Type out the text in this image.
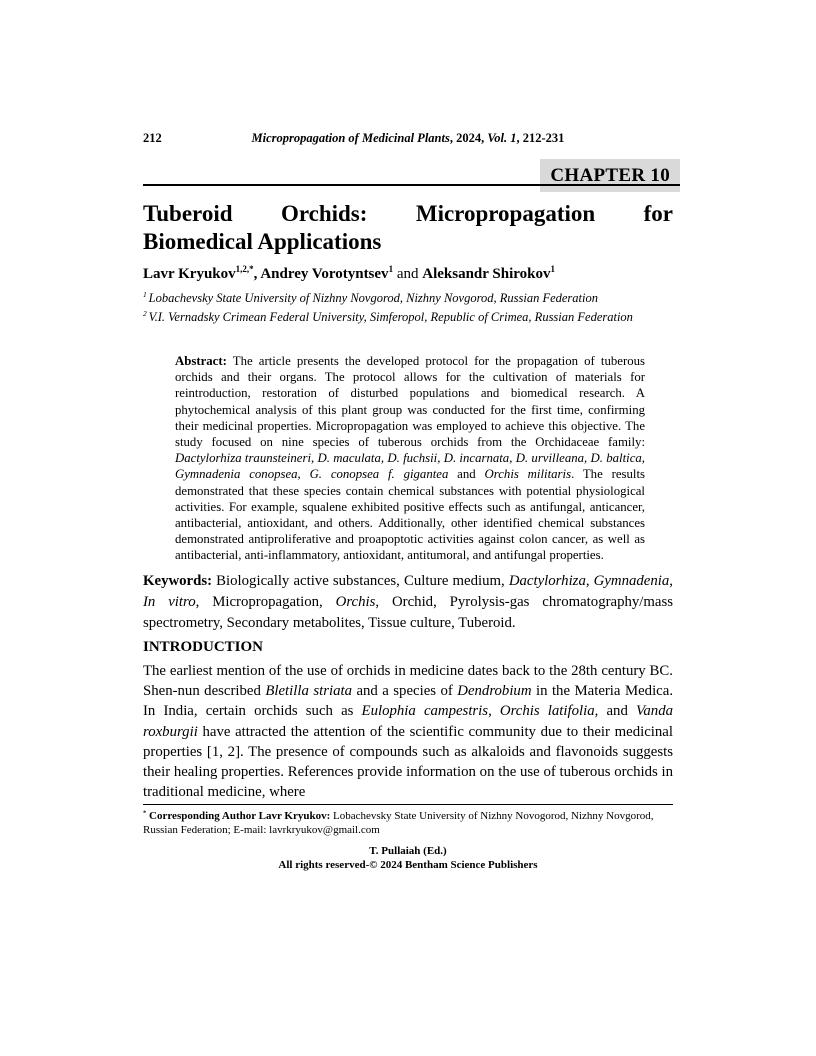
212	Micropropagation of Medicinal Plants, 2024, Vol. 1, 212-231
CHAPTER 10
Tuberoid Orchids: Micropropagation for
Biomedical Applications
Lavr Kryukov$^{1,2,*}$, Andrey Vorotyntsev$^1$ and Aleksandr Shirokov$^1$
$^1$ Lobachevsky State University of Nizhny Novgorod, Nizhny Novgorod, Russian Federation
$^2$ V.I. Vernadsky Crimean Federal University, Simferopol, Republic of Crimea, Russian Federation
Abstract: The article presents the developed protocol for the propagation of tuberous orchids and their organs. The protocol allows for the cultivation of materials for reintroduction, restoration of disturbed populations and biomedical research. A phytochemical analysis of this plant group was conducted for the first time, confirming their medicinal properties. Micropropagation was employed to achieve this objective. The study focused on nine species of tuberous orchids from the Orchidaceae family: Dactylorhiza traunsteineri, D. maculata, D. fuchsii, D. incarnata, D. urvilleana, D. baltica, Gymnadenia conopsea, G. conopsea f. gigantea and Orchis militaris. The results demonstrated that these species contain chemical substances with potential physiological activities. For example, squalene exhibited positive effects such as antifungal, anticancer, antibacterial, antioxidant, and others. Additionally, other identified chemical substances demonstrated antiproliferative and proapoptotic activities against colon cancer, as well as antibacterial, anti-inflammatory, antioxidant, antitumoral, and antifungal properties.
Keywords: Biologically active substances, Culture medium, Dactylorhiza, Gymnadenia, In vitro, Micropropagation, Orchis, Orchid, Pyrolysis-gas chromatography/mass spectrometry, Secondary metabolites, Tissue culture, Tuberoid.
INTRODUCTION
The earliest mention of the use of orchids in medicine dates back to the 28th century BC. Shen-nun described Bletilla striata and a species of Dendrobium in the Materia Medica. In India, certain orchids such as Eulophia campestris, Orchis latifolia, and Vanda roxburgii have attracted the attention of the scientific community due to their medicinal properties [1, 2]. The presence of compounds such as alkaloids and flavonoids suggests their healing properties. References provide information on the use of tuberous orchids in traditional medicine, where
* Corresponding Author Lavr Kryukov: Lobachevsky State University of Nizhny Novogorod, Nizhny Novgorod, Russian Federation; E-mail: lavrkryukov@gmail.com
T. Pullaiah (Ed.)
All rights reserved-© 2024 Bentham Science Publishers
